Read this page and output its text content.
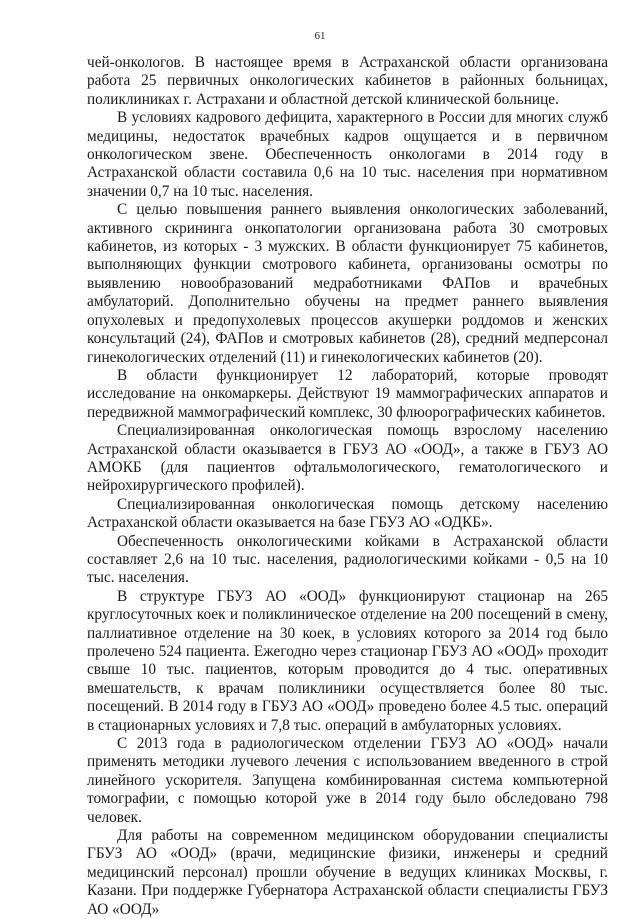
61

чей-онкологов. В настоящее время в Астраханской области организована работа 25 первичных онкологических кабинетов в районных больницах, поликлиниках г. Астрахани и областной детской клинической больнице.

В условиях кадрового дефицита, характерного в России для многих служб медицины, недостаток врачебных кадров ощущается и в первичном онкологическом звене. Обеспеченность онкологами в 2014 году в Астраханской области составила 0,6 на 10 тыс. населения при нормативном значении 0,7 на 10 тыс. населения.

С целью повышения раннего выявления онкологических заболеваний, активного скрининга онкопатологии организована работа 30 смотровых кабинетов, из которых - 3 мужских. В области функционирует 75 кабинетов, выполняющих функции смотрового кабинета, организованы осмотры по выявлению новообразований медработниками ФАПов и врачебных амбулаторий. Дополнительно обучены на предмет раннего выявления опухолевых и предопухолевых процессов акушерки роддомов и женских консультаций (24), ФАПов и смотровых кабинетов (28), средний медперсонал гинекологических отделений (11) и гинекологических кабинетов (20).

В области функционирует 12 лабораторий, которые проводят исследование на онкомаркеры. Действуют 19 маммографических аппаратов и передвижной маммографический комплекс, 30 флюорографических кабинетов.

Специализированная онкологическая помощь взрослому населению Астраханской области оказывается в ГБУЗ АО «ООД», а также в ГБУЗ АО АМОКБ (для пациентов офтальмологического, гематологического и нейрохирургического профилей).

Специализированная онкологическая помощь детскому населению Астраханской области оказывается на базе ГБУЗ АО «ОДКБ».

Обеспеченность онкологическими койками в Астраханской области составляет 2,6 на 10 тыс. населения, радиологическими койками - 0,5 на 10 тыс. населения.

В структуре ГБУЗ АО «ООД» функционируют стационар на 265 круглосуточных коек и поликлиническое отделение на 200 посещений в смену, паллиативное отделение на 30 коек, в условиях которого за 2014 год было пролечено 524 пациента. Ежегодно через стационар ГБУЗ АО «ООД» проходит свыше 10 тыс. пациентов, которым проводится до 4 тыс. оперативных вмешательств, к врачам поликлиники осуществляется более 80 тыс. посещений. В 2014 году в ГБУЗ АО «ООД» проведено более 4.5 тыс. операций в стационарных условиях и 7,8 тыс. операций в амбулаторных условиях.

С 2013 года в радиологическом отделении ГБУЗ АО «ООД» начали применять методики лучевого лечения с использованием введенного в строй линейного ускорителя. Запущена комбинированная система компьютерной томографии, с помощью которой уже в 2014 году было обследовано 798 человек.

Для работы на современном медицинском оборудовании специалисты ГБУЗ АО «ООД» (врачи, медицинские физики, инженеры и средний медицинский персонал) прошли обучение в ведущих клиниках Москвы, г. Казани. При поддержке Губернатора Астраханской области специалисты ГБУЗ АО «ООД»
